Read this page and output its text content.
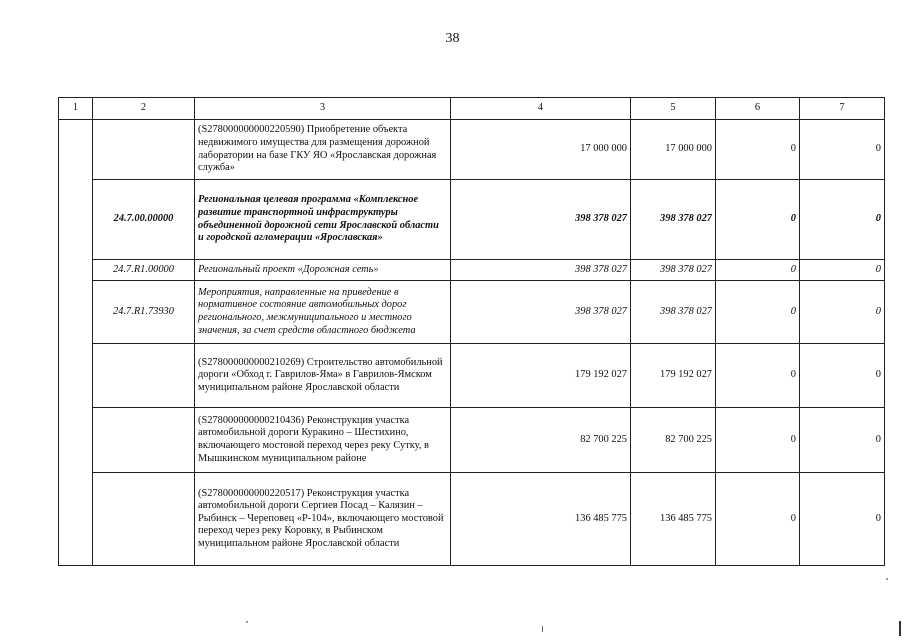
38
1	2	3	4	5	6	7
		(S278000000000220590) Приобретение объекта недвижимого имущества для размещения дорожной лаборатории на базе ГКУ ЯО «Ярославская дорожная служба»	17 000 000	17 000 000	0	0
	24.7.00.00000	Региональная целевая программа «Комплексное развитие транспортной инфраструктуры объединенной дорожной сети Ярославской области и городской агломерации «Ярославская»	398 378 027	398 378 027	0	0
	24.7.R1.00000	Региональный проект «Дорожная сеть»	398 378 027	398 378 027	0	0
	24.7.R1.73930	Мероприятия, направленные на приведение в нормативное состояние автомобильных дорог регионального, межмуниципального и местного значения, за счет средств областного бюджета	398 378 027	398 378 027	0	0
		(S278000000000210269) Строительство автомобильной дороги «Обход г. Гаврилов-Яма» в Гаврилов-Ямском муниципальном районе Ярославской области	179 192 027	179 192 027	0	0
		(S278000000000210436) Реконструкция участка автомобильной дороги Куракино – Шестихино, включающего мостовой переход через реку Сутку, в Мышкинском муниципальном районе	82 700 225	82 700 225	0	0
		(S278000000000220517) Реконструкция участка автомобильной дороги Сергиев Посад – Калязин – Рыбинск – Череповец «Р-104», включающего мостовой переход через реку Коровку, в Рыбинском муниципальном районе Ярославской области	136 485 775	136 485 775	0	0
